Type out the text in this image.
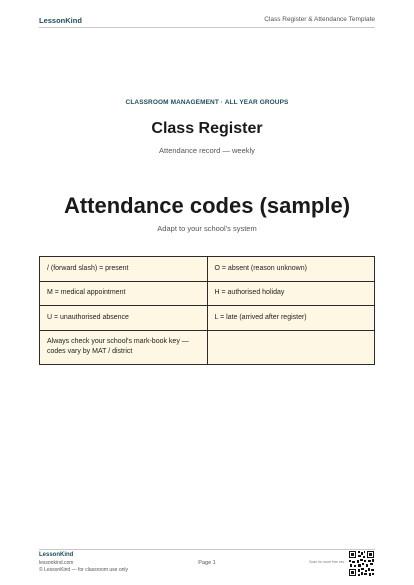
LessonKind	Class Register & Attendance Template
CLASSROOM MANAGEMENT · ALL YEAR GROUPS
Class Register
Attendance record — weekly
Attendance codes (sample)
Adapt to your school's system
/ (forward slash) = present	O = absent (reason unknown)
M = medical appointment	H = authorised holiday
U = unauthorised absence	L = late (arrived after register)
Always check your school's mark-book key — codes vary by MAT / district	
LessonKind
lessonkind.com
© LessonKind — for classroom use only
Page 1	Scan for more free res
